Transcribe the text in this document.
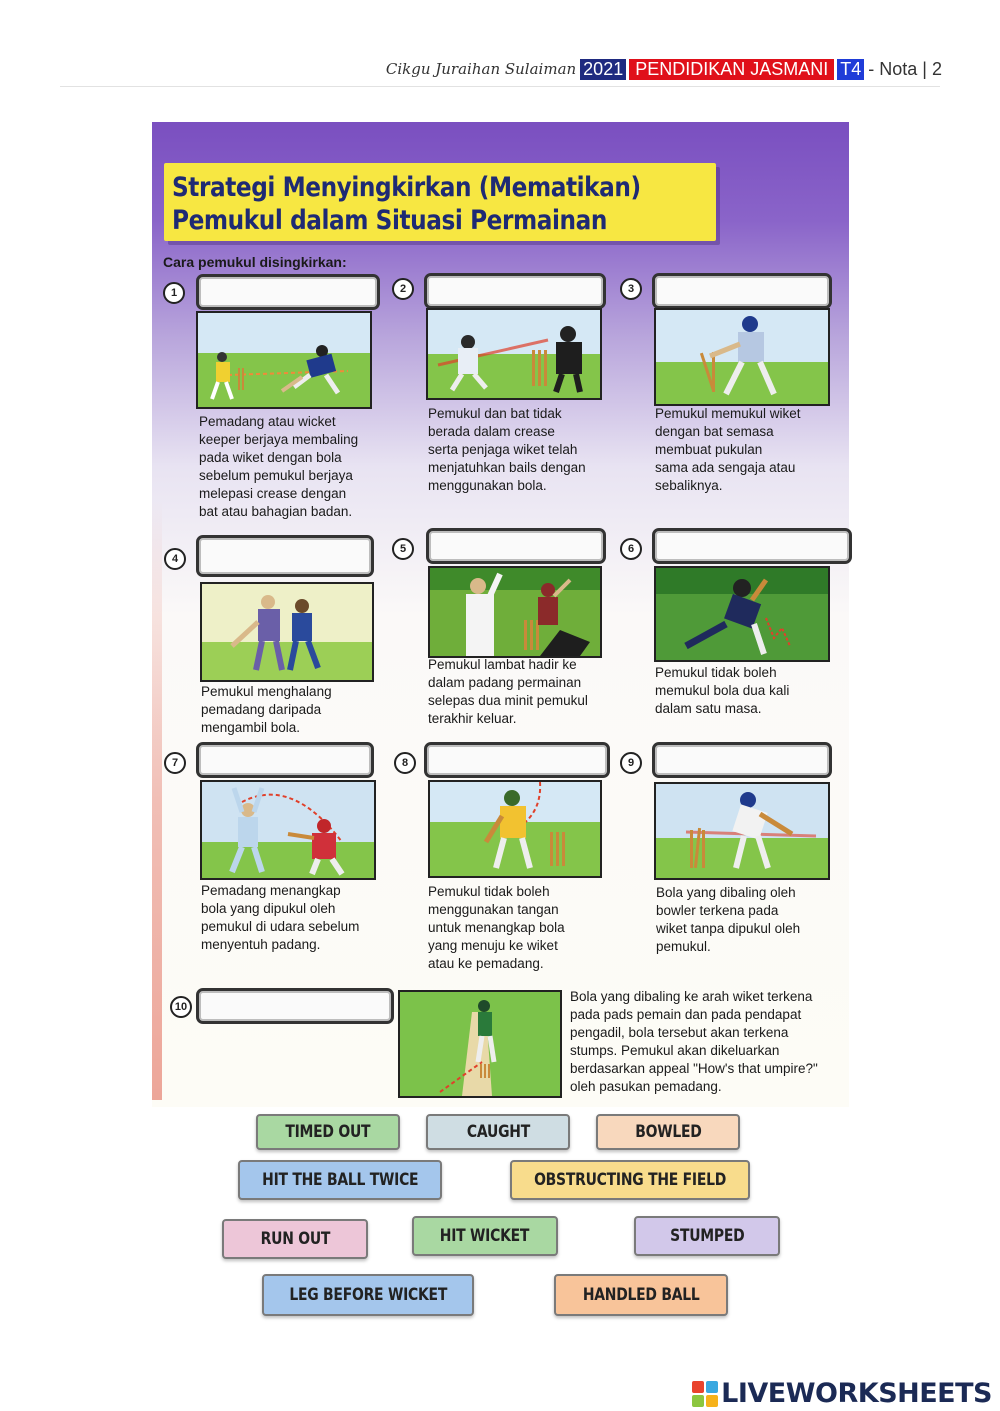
Cikgu Juraihan Sulaiman 2021 PENDIDIKAN JASMANI T4 - Nota | 2
Strategi Menyingkirkan (Mematikan)
Pemukul dalam Situasi Permainan
Cara pemukul disingkirkan:
1
Pemadang atau wicket
keeper berjaya membaling
pada wiket dengan bola
sebelum pemukul berjaya
melepasi crease dengan
bat atau bahagian badan.
2
Pemukul dan bat tidak
berada dalam crease
serta penjaga wiket telah
menjatuhkan bails dengan
menggunakan bola.
3
Pemukul memukul wiket
dengan bat semasa
membuat pukulan
sama ada sengaja atau
sebaliknya.
4
Pemukul menghalang
pemadang daripada
mengambil bola.
5
Pemukul lambat hadir ke
dalam padang permainan
selepas dua minit pemukul
terakhir keluar.
6
Pemukul tidak boleh
memukul bola dua kali
dalam satu masa.
7
Pemadang menangkap
bola yang dipukul oleh
pemukul di udara sebelum
menyentuh padang.
8
Pemukul tidak boleh
menggunakan tangan
untuk menangkap bola
yang menuju ke wiket
atau ke pemadang.
9
Bola yang dibaling oleh
bowler terkena pada
wiket tanpa dipukul oleh
pemukul.
10
Bola yang dibaling ke arah wiket terkena
pada pads pemain dan pada pendapat
pengadil, bola tersebut akan terkena
stumps. Pemukul akan dikeluarkan
berdasarkan appeal "How's that umpire?"
oleh pasukan pemadang.
TIMED OUT	CAUGHT	BOWLED
HIT THE BALL TWICE	OBSTRUCTING THE FIELD
RUN OUT	HIT WICKET	STUMPED
LEG BEFORE WICKET	HANDLED BALL
LIVEWORKSHEETS
